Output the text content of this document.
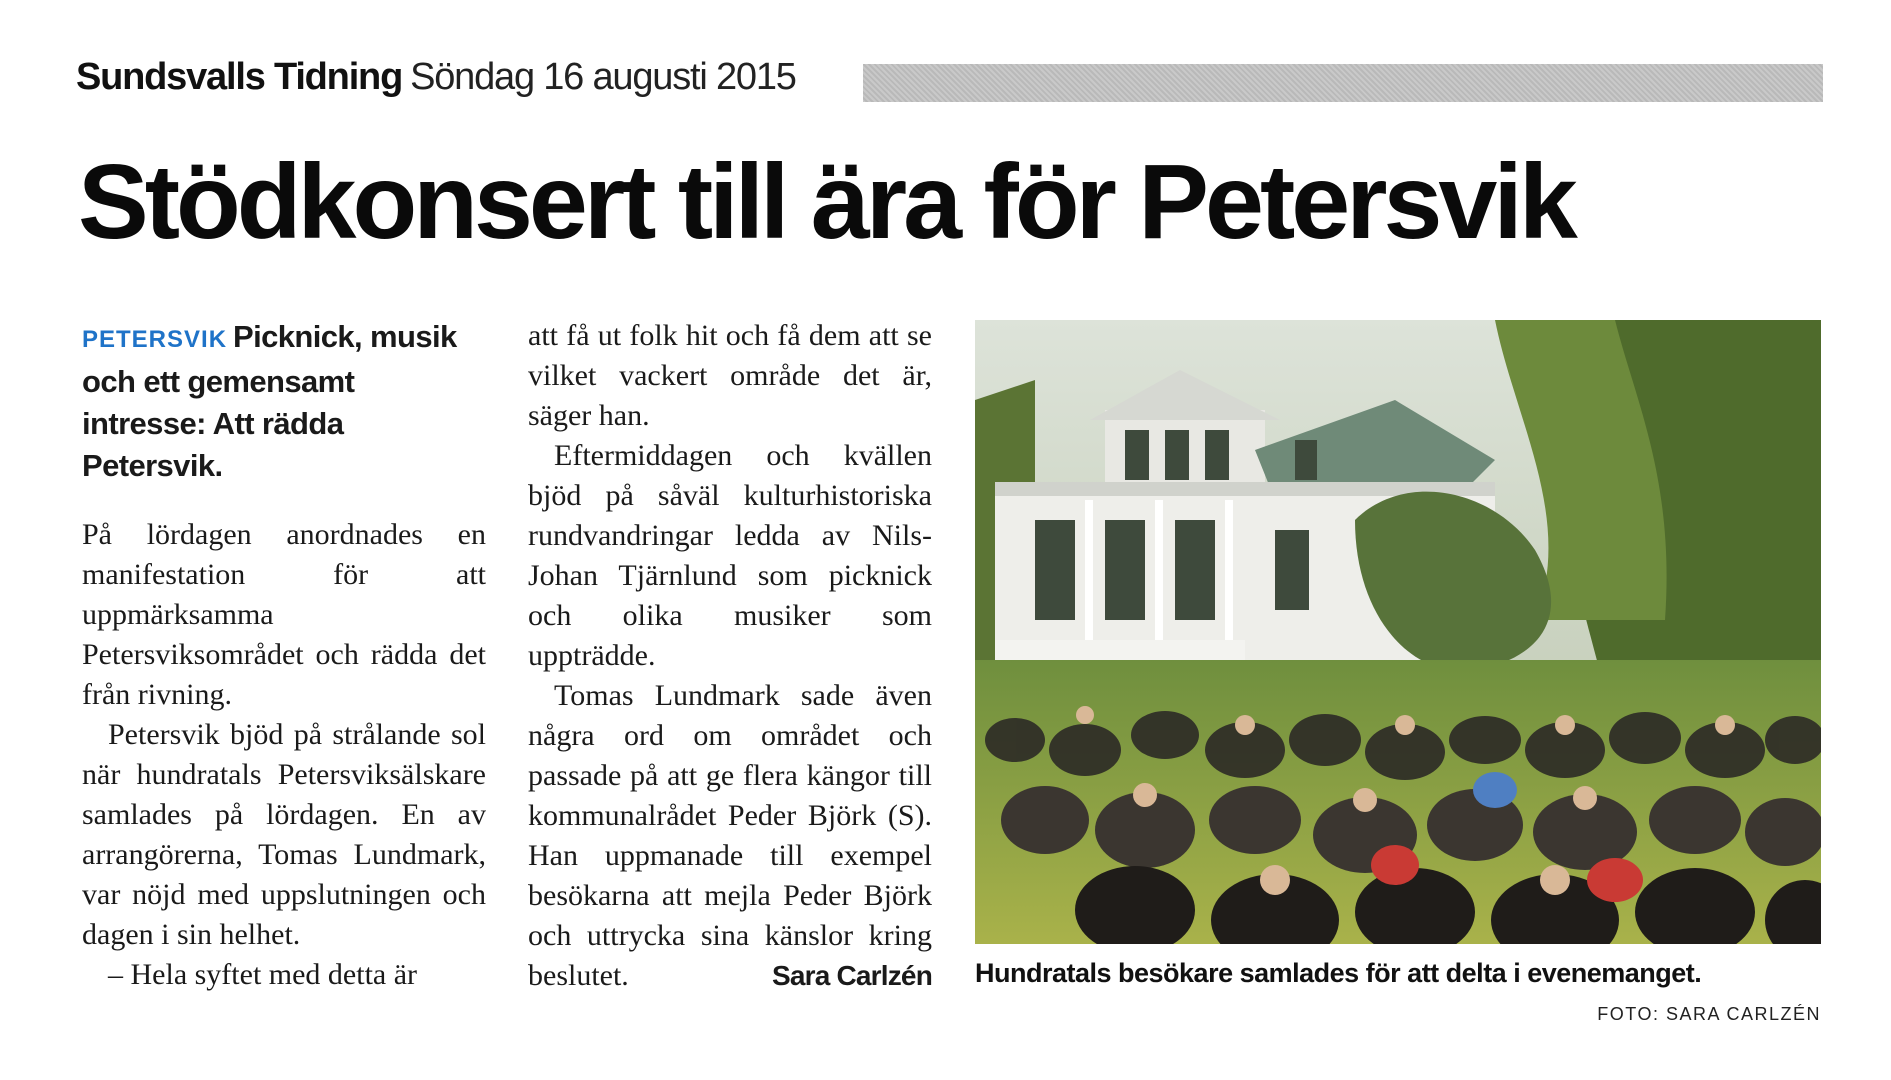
Sundsvalls Tidning Söndag 16 augusti 2015
Stödkonsert till ära för Petersvik

PETERSVIK Picknick, musik och ett gemensamt intresse: Att rädda Petersvik.

På lördagen anordnades en manifestation för att uppmärksamma Petersviksområdet och rädda det från rivning.

Petersvik bjöd på strålande sol när hundratals Petersviksälskare samlades på lördagen. En av arrangörerna, Tomas Lundmark, var nöjd med uppslutningen och dagen i sin helhet.

– Hela syftet med detta är

att få ut folk hit och få dem att se vilket vackert område det är, säger han.

Eftermiddagen och kvällen bjöd på såväl kulturhistoriska rundvandringar ledda av Nils-Johan Tjärnlund som picknick och olika musiker som uppträdde.

Tomas Lundmark sade även några ord om området och passade på att ge flera kängor till kommunalrådet Peder Björk (S). Han uppmanade till exempel besökarna att mejla Peder Björk och uttrycka sina känslor kring beslutet.	Sara Carlzén Hundratals besökare samlades för att delta i evenemanget.

FOTO: SARA CARLZÉN
